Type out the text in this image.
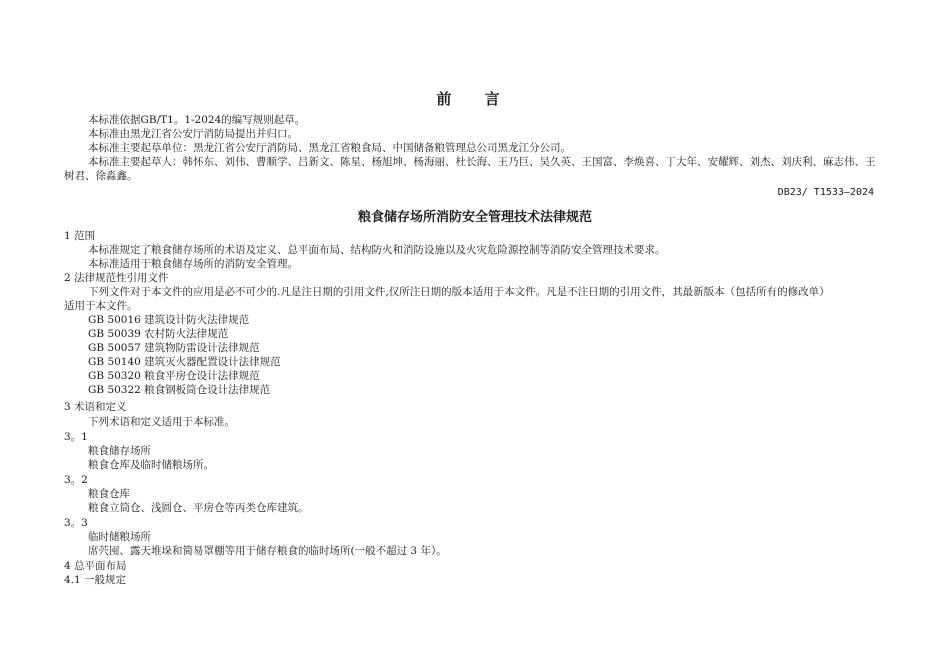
前 言
本标准依据GB/T1。1-2024的编写规则起草。
本标准由黑龙江省公安厅消防局提出并归口。
本标准主要起草单位：黑龙江省公安厅消防局、黑龙江省粮食局、中国储备粮管理总公司黑龙江分公司。
本标准主要起草人：韩怀东、刘伟、曹顺学、吕新文、陈星、杨旭坤、杨海丽、杜长海、王乃巨、吴久英、王国富、李焕喜、丁大年、安耀辉、刘杰、刘庆利、麻志伟、王树君、徐淼鑫。
DB23/ T1533—2024
粮食储存场所消防安全管理技术法律规范
1 范围
本标准规定了粮食储存场所的术语及定义、总平面布局、结构防火和消防设施以及火灾危险源控制等消防安全管理技术要求。
本标准适用于粮食储存场所的消防安全管理。
2 法律规范性引用文件
下列文件对于本文件的应用是必不可少的.凡是注日期的引用文件,仅所注日期的版本适用于本文件。凡是不注日期的引用文件，其最新版本（包括所有的修改单）
适用于本文件。
GB 50016 建筑设计防火法律规范
GB 50039 农村防火法律规范
GB 50057 建筑物防雷设计法律规范
GB 50140 建筑灭火器配置设计法律规范
GB 50320 粮食平房仓设计法律规范
GB 50322 粮食钢板筒仓设计法律规范
3 术语和定义
下列术语和定义适用于本标准。
3。1
粮食储存场所
粮食仓库及临时储粮场所。
3。2
粮食仓库
粮食立筒仓、浅圆仓、平房仓等丙类仓库建筑。
3。3
临时储粮场所
席茓囤、露天堆垛和简易罩棚等用于储存粮食的临时场所(一般不超过 3 年）。
4 总平面布局
4.1 一般规定
